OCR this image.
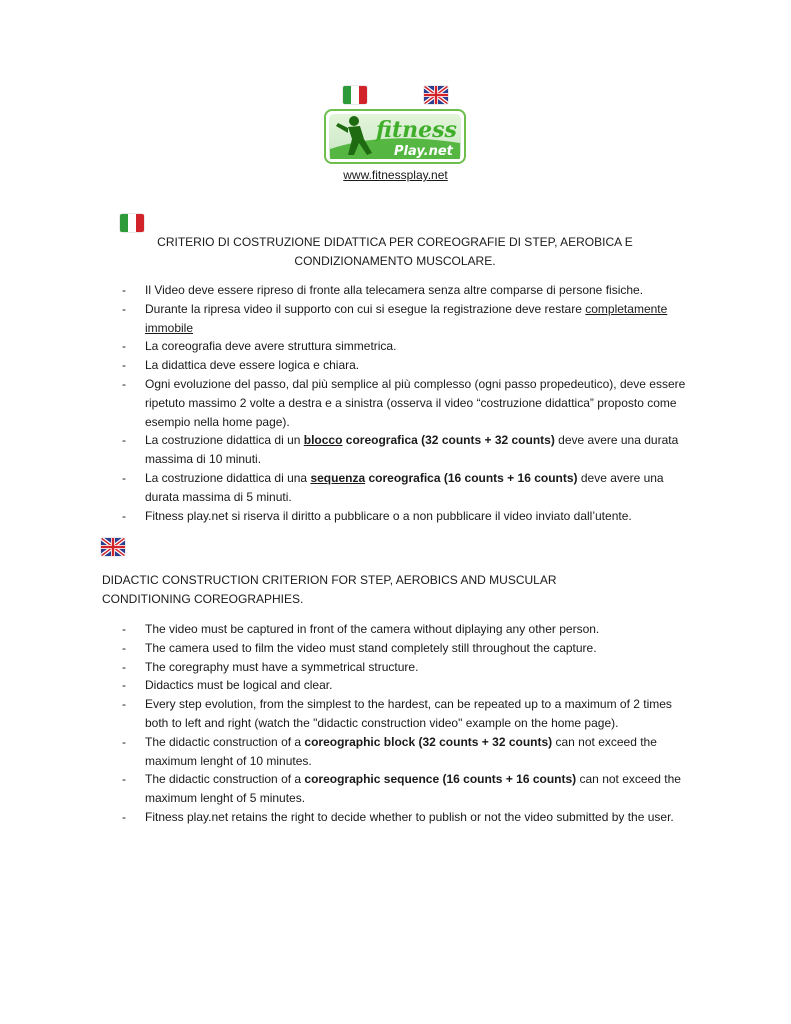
fitness
Play.net
www.fitnessplay.net
CRITERIO DI COSTRUZIONE DIDATTICA PER COREOGRAFIE DI STEP, AEROBICA E CONDIZIONAMENTO MUSCOLARE.
- Il Video deve essere ripreso di fronte alla telecamera senza altre comparse di persone fisiche.
- Durante la ripresa video il supporto con cui si esegue la registrazione deve restare completamente immobile
- La coreografia deve avere struttura simmetrica.
- La didattica deve essere logica e chiara.
- Ogni evoluzione del passo, dal più semplice al più complesso (ogni passo propedeutico), deve essere ripetuto massimo 2 volte a destra e a sinistra (osserva il video “costruzione didattica” proposto come esempio nella home page).
- La costruzione didattica di un blocco coreografica (32 counts + 32 counts) deve avere una durata massima di 10 minuti.
- La costruzione didattica di una sequenza coreografica (16 counts + 16 counts) deve avere una durata massima di 5 minuti.
- Fitness play.net si riserva il diritto a pubblicare o a non pubblicare il video inviato dall’utente.
DIDACTIC CONSTRUCTION CRITERION FOR STEP, AEROBICS AND MUSCULAR CONDITIONING COREOGRAPHIES.
- The video must be captured in front of the camera without diplaying any other person.
- The camera used to film the video must stand completely still throughout the capture.
- The coregraphy must have a symmetrical structure.
- Didactics must be logical and clear.
- Every step evolution, from the simplest to the hardest, can be repeated up to a maximum of 2 times both to left and right (watch the "didactic construction video" example on the home page).
- The didactic construction of a coreographic block (32 counts + 32 counts) can not exceed the maximum lenght of 10 minutes.
- The didactic construction of a coreographic sequence (16 counts + 16 counts) can not exceed the maximum lenght of 5 minutes.
- Fitness play.net retains the right to decide whether to publish or not the video submitted by the user.
